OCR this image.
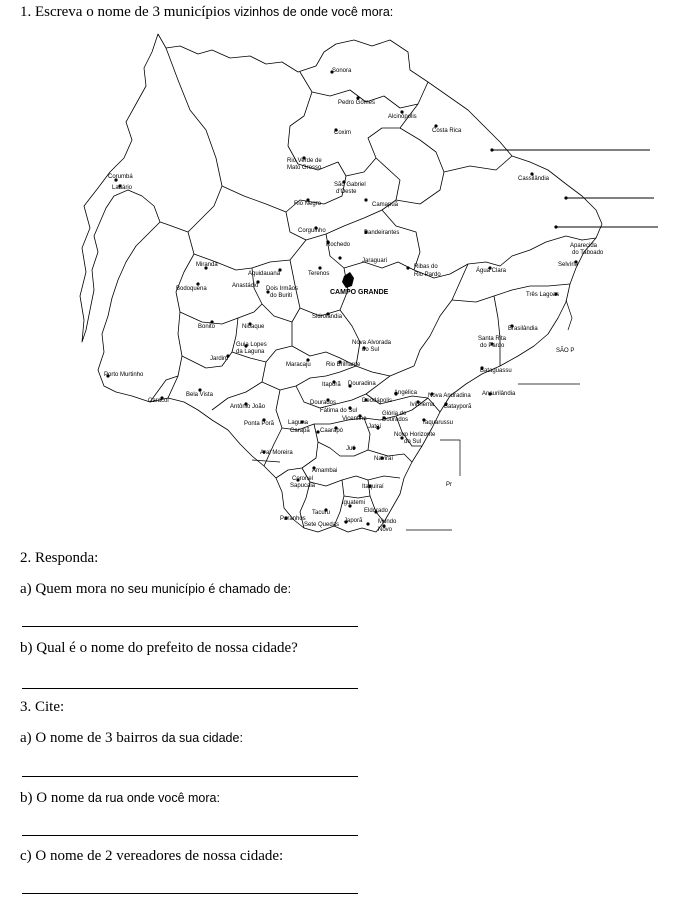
1. Escreva o nome de 3 municípios vizinhos de onde você mora:
Sonora
Pedro Gomes
Alcinópolis
Costa Rica
Coxim
Rio Verde de
Mato Grosso
São Gabriel
d'Oeste
Camapuã
Rio Negro
Corumbá
Ladário
Corguinho	Bandeirantes
Rochedo
Jaraguari
Miranda
Aquidauana
Anastácio Dois Irmãos
do Buriti
Terenos
CAMPO GRANDE
Ribas do
Rio Pardo
Água Clara
Cassilândia
Aparecida
do Taboado
Selvíria
Três Lagoas
Bodoquena
Bonito	Nioaque
Sidrolândia
Bela Vista
Jardim
Guia Lopes
da Laguna
Nova Alvorada
do Sul
Santa Rita
do Pardo
Brasilândia
Porto Murtinho
Maracaju	Rio Brilhante
Bataguassu
Caracol
Antônio João
Ponta Porã
Itaporã Douradina
Dourados
Fátima do Sul
Deodápolis
Angélica
Ivinhema
Nova Andradina Anaurilândia
Batayporã
Taquarussu
Laguna
Carapã Caarapó
Vicentina
Jateí
Glória de
Dourados
Novo Horizonte
do Sul
Juti
Aral Moreira
Amambai
Coronel
Sapucaia
Naviraí
Itaquiraí
Paranhos
Tacuru
Iguatemi
Eldorado
Sete Quedas
Japorã	Mundo
Novo
SÃO P
Pr
2. Responda:
a) Quem mora no seu município é chamado de:
b) Qual é o nome do prefeito de nossa cidade?
3. Cite:
a) O nome de 3 bairros da sua cidade:
b) O nome da rua onde você mora:
c) O nome de 2 vereadores de nossa cidade:
